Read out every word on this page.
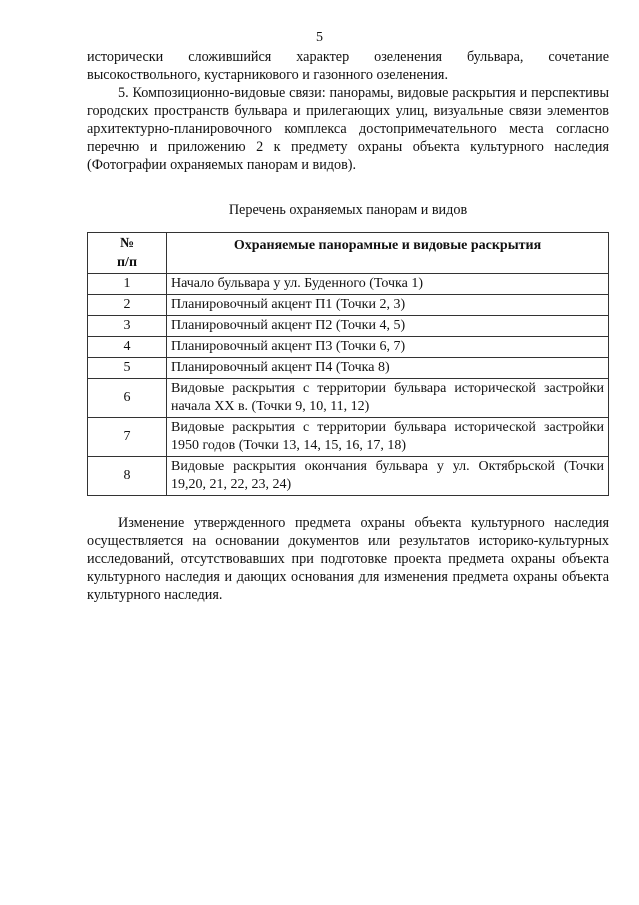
5

исторически сложившийся характер озеленения бульвара, сочетание высокоствольного, кустарникового и газонного озеленения.

5. Композиционно-видовые связи: панорамы, видовые раскрытия и перспективы городских пространств бульвара и прилегающих улиц, визуальные связи элементов архитектурно-планировочного комплекса достопримечательного места согласно перечню и приложению 2 к предмету охраны объекта культурного наследия (Фотографии охраняемых панорам и видов).

Перечень охраняемых панорам и видов
№
п/п	Охраняемые панорамные и видовые раскрытия
1	Начало бульвара у ул. Буденного (Точка 1)
2	Планировочный акцент П1 (Точки 2, 3)
3	Планировочный акцент П2 (Точки 4, 5)
4	Планировочный акцент П3 (Точки 6, 7)
5	Планировочный акцент П4 (Точка 8)
6	Видовые раскрытия с территории бульвара исторической застройки начала XX в. (Точки 9, 10, 11, 12)
7	Видовые раскрытия с территории бульвара исторической застройки 1950 годов (Точки 13, 14, 15, 16, 17, 18)
8	Видовые раскрытия окончания бульвара у ул. Октябрьской (Точки 19,20, 21, 22, 23, 24)

Изменение утвержденного предмета охраны объекта культурного наследия осуществляется на основании документов или результатов историко-культурных исследований, отсутствовавших при подготовке проекта предмета охраны объекта культурного наследия и дающих основания для изменения предмета охраны объекта культурного наследия.
